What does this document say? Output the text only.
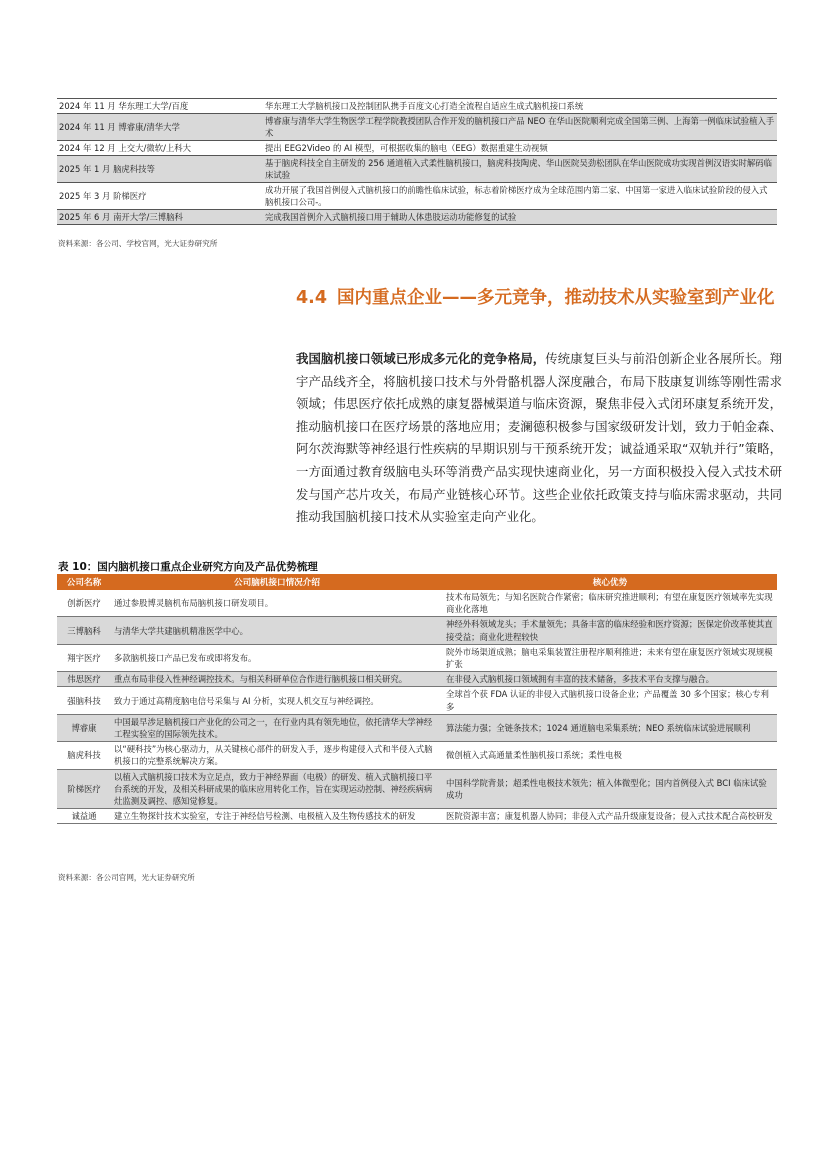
2024 年 11 月 华东理工大学/百度	华东理工大学脑机接口及控制团队携手百度文心打造全流程自适应生成式脑机接口系统
2024 年 11 月 博睿康/清华大学	博睿康与清华大学生物医学工程学院教授团队合作开发的脑机接口产品 NEO 在华山医院顺利完成全国第三例、上海第一例临床试验植入手术
2024 年 12 月 上交大/微软/上科大	提出 EEG2Video 的 AI 模型，可根据收集的脑电（EEG）数据重建生动视频
2025 年 1 月 脑虎科技等	基于脑虎科技全自主研发的 256 通道植入式柔性脑机接口，脑虎科技陶虎、华山医院吴劲松团队在华山医院成功实现首例汉语实时解码临床试验
2025 年 3 月 阶梯医疗	成功开展了我国首例侵入式脑机接口的前瞻性临床试验，标志着阶梯医疗成为全球范围内第二家、中国第一家进入临床试验阶段的侵入式脑机接口公司-。
2025 年 6 月 南开大学/三博脑科	完成我国首例介入式脑机接口用于辅助人体患肢运动功能修复的试验
资料来源：各公司、学校官网，光大证券研究所
4.4 国内重点企业——多元竞争，推动技术从实验室到产业化
我国脑机接口领域已形成多元化的竞争格局，传统康复巨头与前沿创新企业各展所长。翔宇产品线齐全，将脑机接口技术与外骨骼机器人深度融合，布局下肢康复训练等刚性需求领域；伟思医疗依托成熟的康复器械渠道与临床资源，聚焦非侵入式闭环康复系统开发，推动脑机接口在医疗场景的落地应用；麦澜德积极参与国家级研发计划，致力于帕金森、阿尔茨海默等神经退行性疾病的早期识别与干预系统开发；诚益通采取“双轨并行”策略，一方面通过教育级脑电头环等消费产品实现快速商业化，另一方面积极投入侵入式技术研发与国产芯片攻关，布局产业链核心环节。这些企业依托政策支持与临床需求驱动，共同推动我国脑机接口技术从实验室走向产业化。
表 10：国内脑机接口重点企业研究方向及产品优势梳理
公司名称	公司脑机接口情况介绍	核心优势
创新医疗	通过参股博灵脑机布局脑机接口研发项目。	技术布局领先；与知名医院合作紧密；临床研究推进顺利；有望在康复医疗领域率先实现商业化落地
三博脑科	与清华大学共建脑机精准医学中心。	神经外科领域龙头；手术量领先；具备丰富的临床经验和医疗资源；医保定价改革使其直接受益；商业化进程较快
翔宇医疗	多款脑机接口产品已发布或即将发布。	院外市场渠道成熟；脑电采集装置注册程序顺利推进；未来有望在康复医疗领域实现规模扩张
伟思医疗	重点布局非侵入性神经调控技术。与相关科研单位合作进行脑机接口相关研究。	在非侵入式脑机接口领域拥有丰富的技术储备，多技术平台支撑与融合。
强脑科技	致力于通过高精度脑电信号采集与 AI 分析，实现人机交互与神经调控。	全球首个获 FDA 认证的非侵入式脑机接口设备企业；产品覆盖 30 多个国家；核心专利多
博睿康	中国最早涉足脑机接口产业化的公司之一，在行业内具有领先地位，依托清华大学神经工程实验室的国际领先技术。	算法能力强；全链条技术；1024 通道脑电采集系统；NEO 系统临床试验进展顺利
脑虎科技	以“硬科技”为核心驱动力，从关键核心部件的研发入手，逐步构建侵入式和半侵入式脑机接口的完整系统解决方案。	微创植入式高通量柔性脑机接口系统；柔性电极
阶梯医疗	以植入式脑机接口技术为立足点，致力于神经界面（电极）的研发、植入式脑机接口平台系统的开发，及相关科研成果的临床应用转化工作，旨在实现运动控制、神经疾病病灶监测及调控、感知觉修复。	中国科学院背景；超柔性电极技术领先；植入体微型化；国内首例侵入式 BCI 临床试验成功
诚益通	建立生物探针技术实验室，专注于神经信号检测、电极植入及生物传感技术的研发	医院资源丰富；康复机器人协同；非侵入式产品升级康复设备；侵入式技术配合高校研发
资料来源：各公司官网，光大证券研究所
